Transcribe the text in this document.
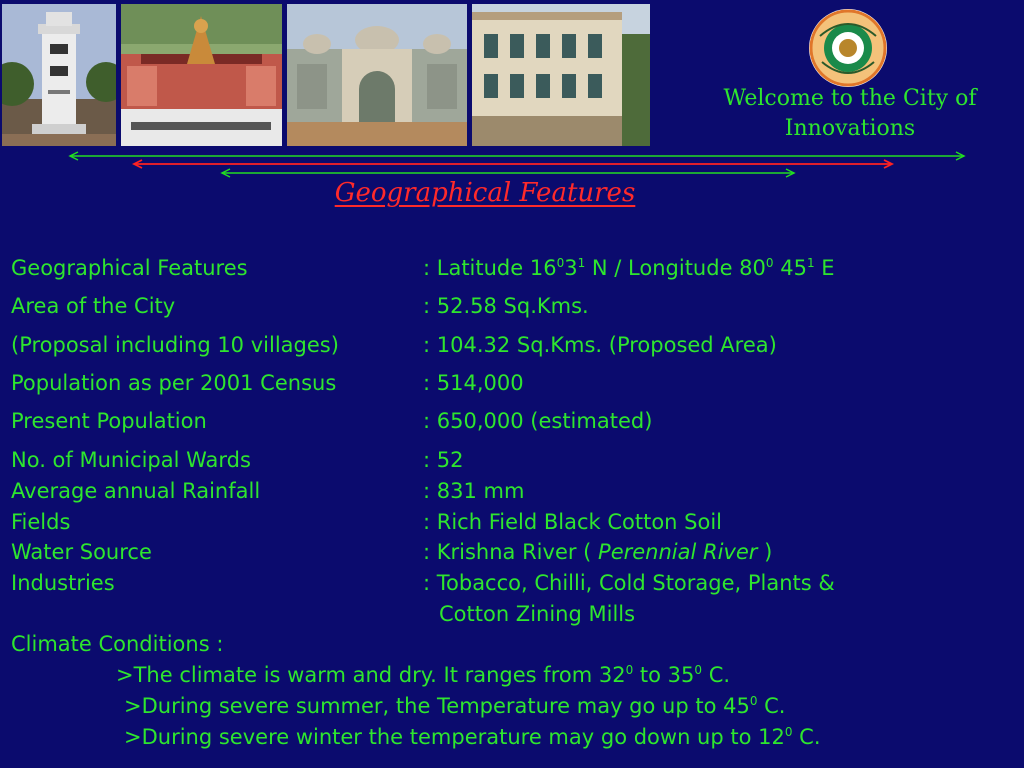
Welcome to the City of
Innovations
Geographical Features
Geographical Features	: Latitude $16^03^1$ N / Longitude $80^0$ $45^1$ E
Area of the City	: 52.58 Sq.Kms.
(Proposal including 10 villages)	: 104.32 Sq.Kms. (Proposed Area)
Population as per 2001 Census	: 514,000
Present Population	: 650,000 (estimated)
No. of Municipal Wards	: 52
Average annual Rainfall	: 831 mm
Fields	: Rich Field Black Cotton Soil
Water Source	: Krishna River ( Perennial River )
Industries	: Tobacco, Chilli, Cold Storage, Plants &
Cotton Zining Mills
Climate Conditions :
>The climate is warm and dry. It ranges from $32^0$ to $35^0$ C.
>During severe summer, the Temperature may go up to $45^0$ C.
>During severe winter the temperature may go down up to $12^0$ C.
